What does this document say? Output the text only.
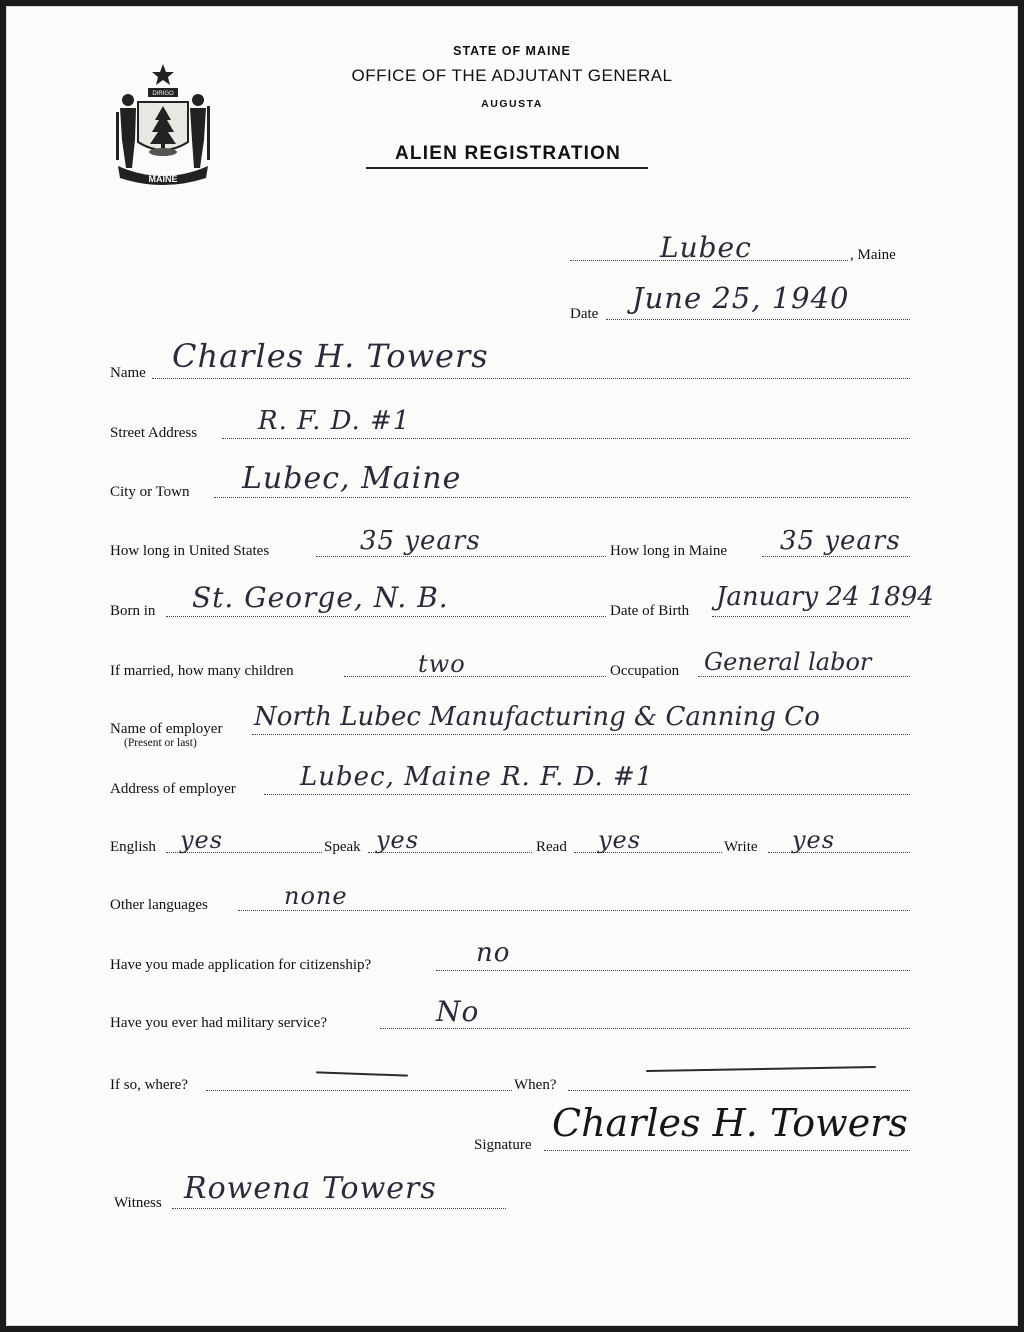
DIRIGO
MAINE
STATE OF MAINE
OFFICE OF THE ADJUTANT GENERAL
AUGUSTA
ALIEN REGISTRATION
Lubec	, Maine
Date June 25, 1940
Name Charles H. Towers
Street Address R. F. D. #1
City or Town Lubec, Maine
How long in United States	35 years	How long in Maine 35 years
Born in St. George, N. B.	Date of Birth January 24 1894
If married, how many children	two	Occupation General labor
Name of employer
(Present or last)
North Lubec Manufacturing & Canning Co
Address of employer Lubec, Maine R. F. D. #1
English yes	Speak yes	Read yes	Write yes
Other languages	none
Have you made application for citizenship?	no
Have you ever had military service?	No
If so, where?	When?
Signature Charles H. Towers
Witness Rowena Towers
